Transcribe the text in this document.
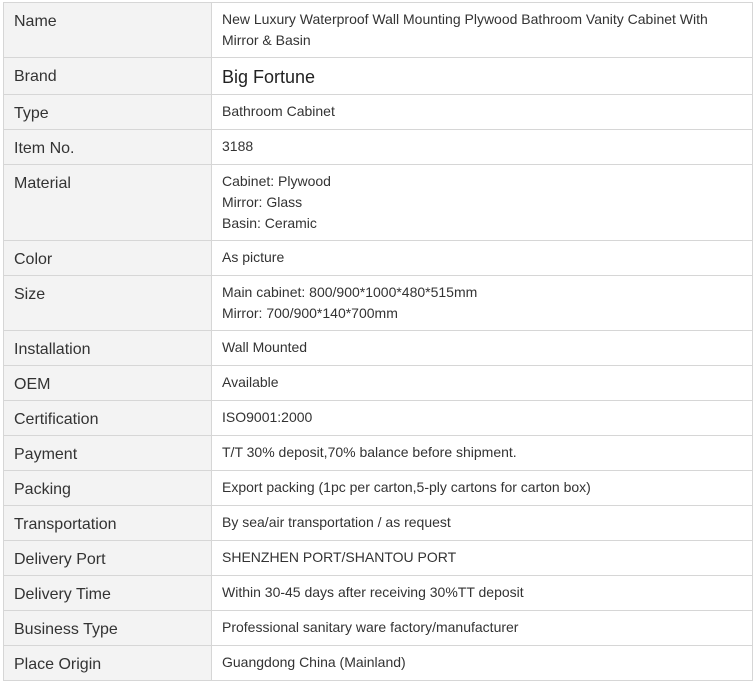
Name	New Luxury Waterproof Wall Mounting Plywood Bathroom Vanity Cabinet With Mirror & Basin

Brand	Big Fortune

Type	Bathroom Cabinet

Item No.	3188

Material	Cabinet: Plywood
Mirror: Glass
Basin: Ceramic

Color	As picture

Size	Main cabinet: 800/900*1000*480*515mm
Mirror: 700/900*140*700mm

Installation	Wall Mounted

OEM	Available

Certification	ISO9001:2000

Payment	T/T 30% deposit,70% balance before shipment.

Packing	Export packing (1pc per carton,5-ply cartons for carton box)

Transportation	By sea/air transportation / as request

Delivery Port	SHENZHEN PORT/SHANTOU PORT

Delivery Time	Within 30-45 days after receiving 30%TT deposit

Business Type	Professional sanitary ware factory/manufacturer

Place Origin	Guangdong China (Mainland)
